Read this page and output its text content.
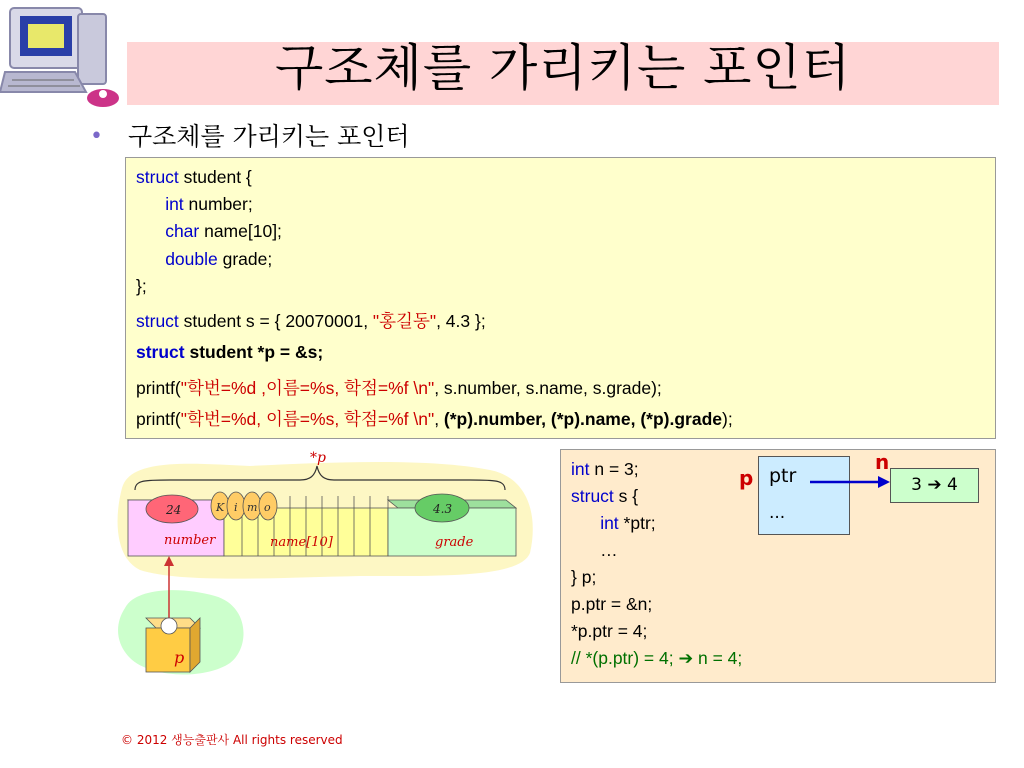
구조체를 가리키는 포인터
• 구조체를 가리키는 포인터
struct student {
int number;
char name[10];
double grade;
};
struct student s = { 20070001, "홍길동", 4.3 };
struct student *p = &s;
printf("학번=%d ,이름=%s, 학점=%f \n", s.number, s.name, s.grade);
printf("학번=%d, 이름=%s, 학점=%f \n", (*p).number, (*p).name, (*p).grade);
*p
24
number
K i m o
name[10]
4.3
grade
p
int n = 3;
struct s {
int *ptr;
…
} p;
p.ptr = &n;
*p.ptr = 4;
// *(p.ptr) = 4; ➔ n = 4;
ptr
...
p
n
3 ➔ 4
© 2012 생능출판사 All rights reserved
